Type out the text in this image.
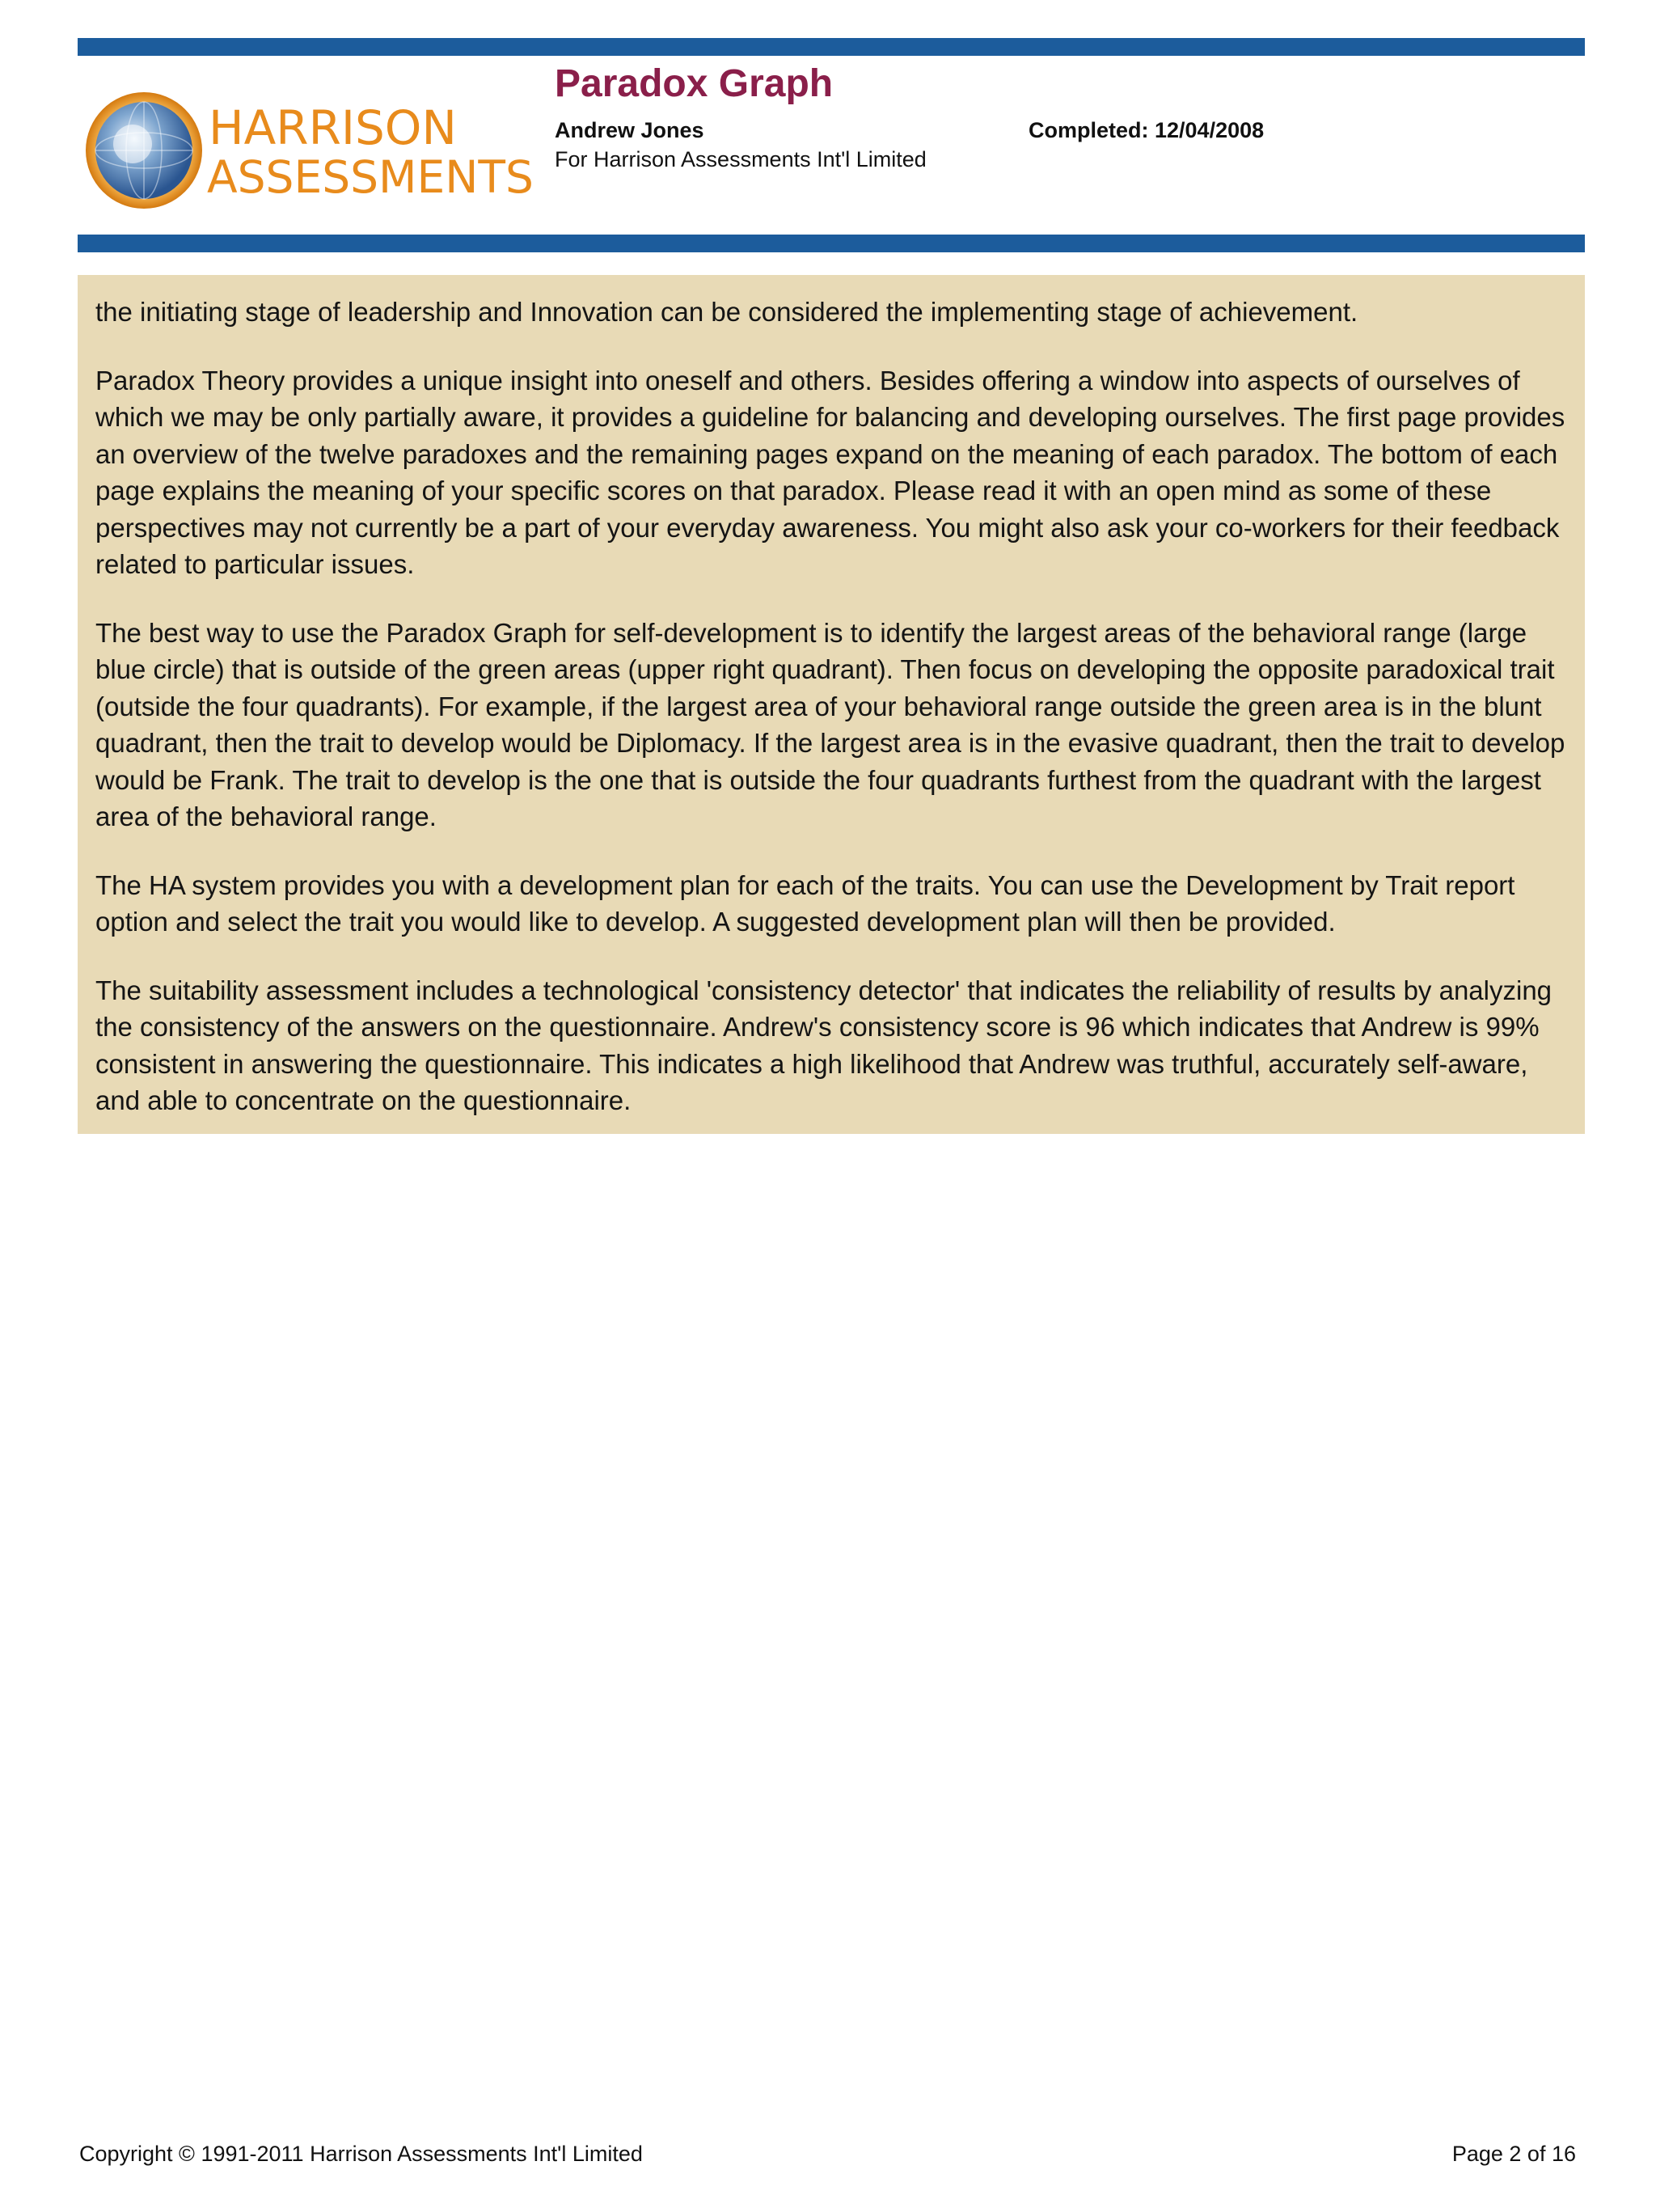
HARRISON
ASSESSMENTS
Paradox Graph
Andrew Jones	Completed: 12/04/2008
For Harrison Assessments Int'l Limited

the initiating stage of leadership and Innovation can be considered the implementing stage of achievement.

Paradox Theory provides a unique insight into oneself and others. Besides offering a window into aspects of ourselves of which we may be only partially aware, it provides a guideline for balancing and developing ourselves. The first page provides an overview of the twelve paradoxes and the remaining pages expand on the meaning of each paradox. The bottom of each page explains the meaning of your specific scores on that paradox. Please read it with an open mind as some of these perspectives may not currently be a part of your everyday awareness. You might also ask your co-workers for their feedback related to particular issues.

The best way to use the Paradox Graph for self-development is to identify the largest areas of the behavioral range (large blue circle) that is outside of the green areas (upper right quadrant). Then focus on developing the opposite paradoxical trait (outside the four quadrants). For example, if the largest area of your behavioral range outside the green area is in the blunt quadrant, then the trait to develop would be Diplomacy. If the largest area is in the evasive quadrant, then the trait to develop would be Frank. The trait to develop is the one that is outside the four quadrants furthest from the quadrant with the largest area of the behavioral range.

The HA system provides you with a development plan for each of the traits. You can use the Development by Trait report option and select the trait you would like to develop. A suggested development plan will then be provided.

The suitability assessment includes a technological 'consistency detector' that indicates the reliability of results by analyzing the consistency of the answers on the questionnaire. Andrew's consistency score is 96 which indicates that Andrew is 99% consistent in answering the questionnaire. This indicates a high likelihood that Andrew was truthful, accurately self-aware, and able to concentrate on the questionnaire.

Copyright © 1991-2011 Harrison Assessments Int'l Limited	Page 2 of 16
